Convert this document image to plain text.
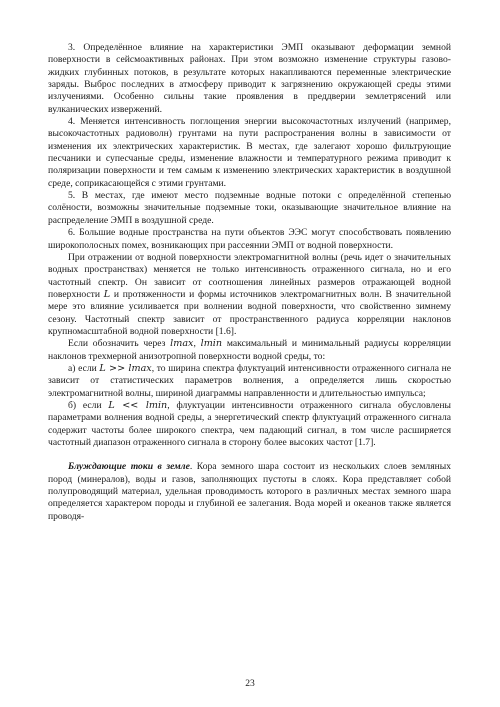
3. Определённое влияние на характеристики ЭМП оказывают деформации земной поверхности в сейсмоактивных районах. При этом возможно изменение структуры газово-жидких глубинных потоков, в результате которых накапливаются переменные электрические заряды. Выброс последних в атмосферу приводит к загрязнению окружающей среды этими излучениями. Особенно сильны такие проявления в преддверии землетрясений или вулканических извержений.

4. Меняется интенсивность поглощения энергии высокочастотных излучений (например, высокочастотных радиоволн) грунтами на пути распространения волны в зависимости от изменения их электрических характеристик. В местах, где залегают хорошо фильтрующие песчаники и супесчаные среды, изменение влажности и температурного режима приводит к поляризации поверхности и тем самым к изменению электрических характеристик в воздушной среде, соприкасающейся с этими грунтами.

5. В местах, где имеют место подземные водные потоки с определённой степенью солёности, возможны значительные подземные токи, оказывающие значительное влияние на распределение ЭМП в воздушной среде.

6. Большие водные пространства на пути объектов ЭЭС могут способствовать появлению широкополосных помех, возникающих при рассеянии ЭМП от водной поверхности.

При отражении от водной поверхности электромагнитной волны (речь идет о значительных водных пространствах) меняется не только интенсивность отраженного сигнала, но и его частотный спектр. Он зависит от соотношения линейных размеров отражающей водной поверхности L и протяженности и формы источников электромагнитных волн. В значительной мере это влияние усиливается при волнении водной поверхности, что свойственно зимнему сезону. Частотный спектр зависит от пространственного радиуса корреляции наклонов крупномасштабной водной поверхности [1.6].

Если обозначить через lmax, lmin максимальный и минимальный радиусы корреляции наклонов трехмерной анизотропной поверхности водной среды, то:

а) если L >> lmax, то ширина спектра флуктуаций интенсивности отраженного сигнала не зависит от статистических параметров волнения, а определяется лишь скоростью электромагнитной волны, шириной диаграммы направленности и длительностью импульса;

б) если L << lmin, флуктуации интенсивности отраженного сигнала обусловлены параметрами волнения водной среды, а энергетический спектр флуктуаций отраженного сигнала содержит частоты более широкого спектра, чем падающий сигнал, в том числе расширяется частотный диапазон отраженного сигнала в сторону более высоких частот [1.7].

Блуждающие токи в земле. Кора земного шара состоит из нескольких слоев земляных пород (минералов), воды и газов, заполняющих пустоты в слоях. Кора представляет собой полупроводящий материал, удельная проводимость которого в различных местах земного шара определяется характером породы и глубиной ее залегания. Вода морей и океанов также является проводя-

23
